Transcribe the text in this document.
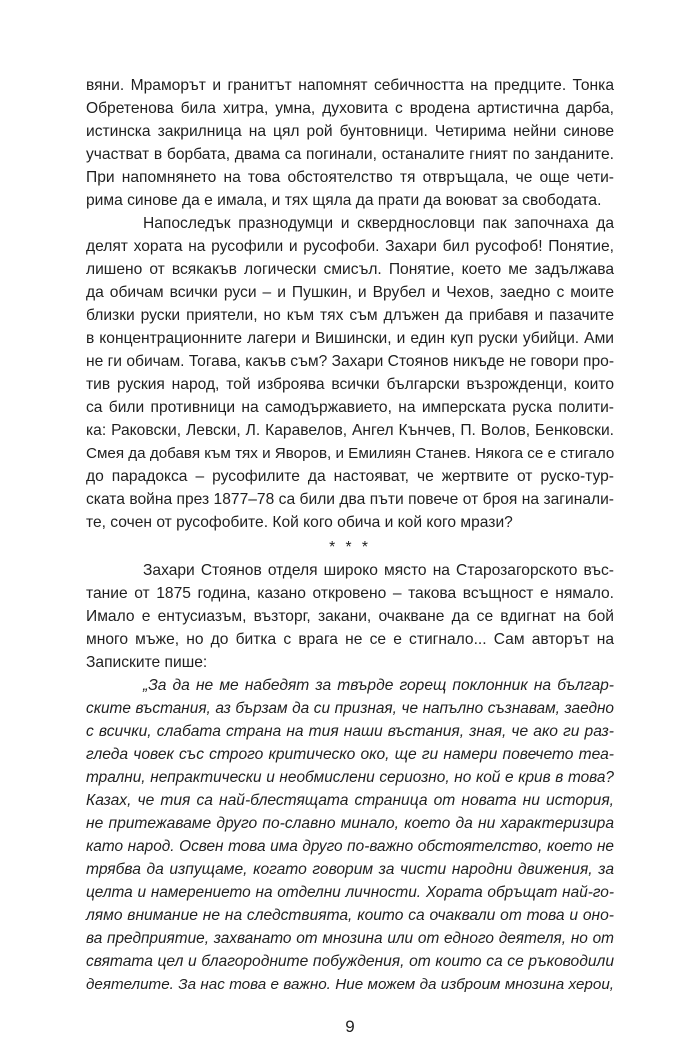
вяни. Мраморът и гранитът напомнят себичността на предците. Тонка
Обретенова била хитра, умна, духовита с вродена артистична дарба,
истинска закрилница на цял рой бунтовници. Четирима нейни синове
участват в борбата, двама са погинали, останалите гният по занданите.
При напомнянето на това обстоятелство тя отвръщала, че още чети-
рима синове да е имала, и тях щяла да прати да воюват за свободата.
Напоследък празнодумци и скверднословци пак започнаха да
делят хората на русофили и русофоби. Захари бил русофоб! Понятие,
лишено от всякакъв логически смисъл. Понятие, което ме задължава
да обичам всички руси – и Пушкин, и Врубел и Чехов, заедно с моите
близки руски приятели, но към тях съм длъжен да прибавя и пазачите
в концентрационните лагери и Вишински, и един куп руски убийци. Ами
не ги обичам. Тогава, какъв съм? Захари Стоянов никъде не говори про-
тив руския народ, той изброява всички български възрожденци, които
са били противници на самодържавието, на имперската руска полити-
ка: Раковски, Левски, Л. Каравелов, Ангел Кънчев, П. Волов, Бенковски.
Смея да добавя към тях и Яворов, и Емилиян Станев. Някога се е стигало
до парадокса – русофилите да настояват, че жертвите от руско-тур-
ската война през 1877–78 са били два пъти повече от броя на загинали-
те, сочен от русофобите. Кой кого обича и кой кого мрази?
* * *
Захари Стоянов отделя широко място на Старозагорското въс-
тание от 1875 година, казано откровено – такова всъщност е нямало.
Имало е ентусиазъм, възторг, закани, очакване да се вдигнат на бой
много мъже, но до битка с врага не се е стигнало... Сам авторът на
Записките пише:
„За да не ме набедят за твърде горещ поклонник на българ-
ските въстания, аз бързам да си призная, че напълно съзнавам, заедно
с всички, слабата страна на тия наши въстания, зная, че ако ги раз-
гледа човек със строго критическо око, ще ги намери повечето теа-
трални, непрактически и необмислени сериозно, но кой е крив в това?
Казах, че тия са най-блестящата страница от новата ни история,
не притежаваме друго по-славно минало, което да ни характеризира
като народ. Освен това има друго по-важно обстоятелство, което не
трябва да изпущаме, когато говорим за чисти народни движения, за
целта и намерението на отделни личности. Хората обръщат най-го-
лямо внимание не на следствията, които са очаквали от това и оно-
ва предприятие, захванато от мнозина или от едного деятеля, но от
святата цел и благородните побуждения, от които са се ръководили
деятелите. За нас това е важно. Ние можем да изброим мнозина херои,
9
